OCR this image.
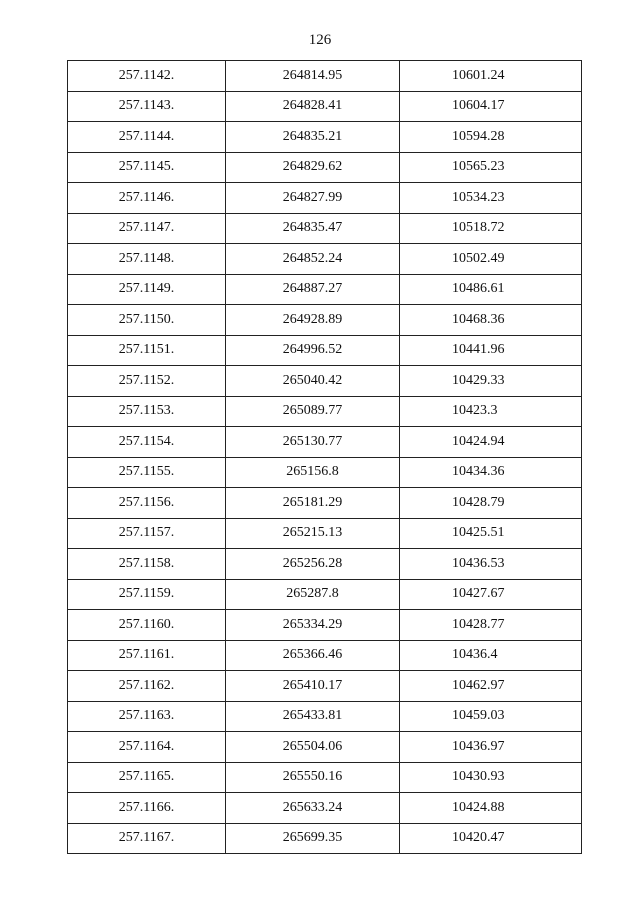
126
257.1142.	264814.95	10601.24
257.1143.	264828.41	10604.17
257.1144.	264835.21	10594.28
257.1145.	264829.62	10565.23
257.1146.	264827.99	10534.23
257.1147.	264835.47	10518.72
257.1148.	264852.24	10502.49
257.1149.	264887.27	10486.61
257.1150.	264928.89	10468.36
257.1151.	264996.52	10441.96
257.1152.	265040.42	10429.33
257.1153.	265089.77	10423.3
257.1154.	265130.77	10424.94
257.1155.	265156.8	10434.36
257.1156.	265181.29	10428.79
257.1157.	265215.13	10425.51
257.1158.	265256.28	10436.53
257.1159.	265287.8	10427.67
257.1160.	265334.29	10428.77
257.1161.	265366.46	10436.4
257.1162.	265410.17	10462.97
257.1163.	265433.81	10459.03
257.1164.	265504.06	10436.97
257.1165.	265550.16	10430.93
257.1166.	265633.24	10424.88
257.1167.	265699.35	10420.47
